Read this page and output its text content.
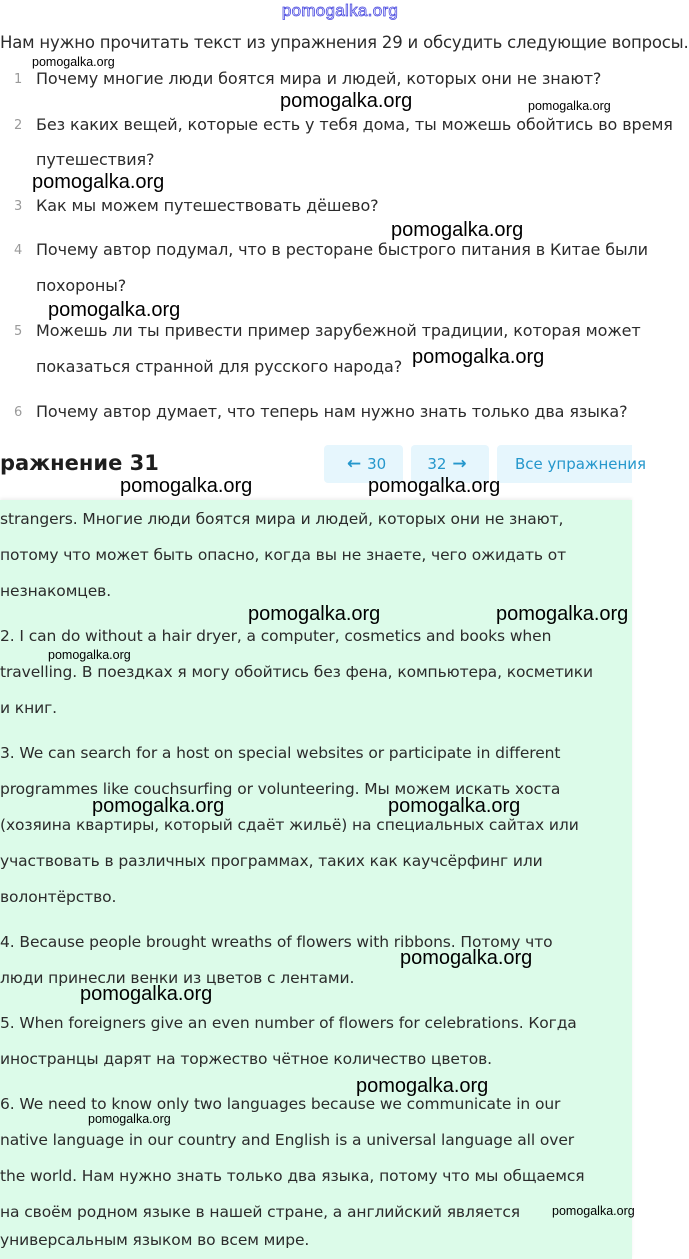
pomogalka.org
Нам нужно прочитать текст из упражнения 29 и обсудить следующие вопросы.
1 Почему многие люди боятся мира и людей, которых они не знают?
2 Без каких вещей, которые есть у тебя дома, ты можешь обойтись во время
путешествия?
3 Как мы можем путешествовать дёшево?
4 Почему автор подумал, что в ресторане быстрого питания в Китае были
похороны?
5 Можешь ли ты привести пример зарубежной традиции, которая может
показаться странной для русского народа?
6 Почему автор думает, что теперь нам нужно знать только два языка?
ражнение 31	← 30	32 →	Все упражнения
strangers. Многие люди боятся мира и людей, которых они не знают,
потому что может быть опасно, когда вы не знаете, чего ожидать от
незнакомцев.
2. I can do without a hair dryer, a computer, cosmetics and books when
travelling. В поездках я могу обойтись без фена, компьютера, косметики
и книг.
3. We can search for a host on special websites or participate in different
programmes like couchsurfing or volunteering. Мы можем искать хоста
(хозяина квартиры, который сдаёт жильё) на специальных сайтах или
участвовать в различных программах, таких как каучсёрфинг или
волонтёрство.
4. Because people brought wreaths of flowers with ribbons. Потому что
люди принесли венки из цветов с лентами.
5. When foreigners give an even number of flowers for celebrations. Когда
иностранцы дарят на торжество чётное количество цветов.
6. We need to know only two languages because we communicate in our
native language in our country and English is a universal language all over
the world. Нам нужно знать только два языка, потому что мы общаемся
на своём родном языке в нашей стране, а английский является
универсальным языком во всем мире.
pomogalka.org
pomogalka.org	pomogalka.org
pomogalka.org
pomogalka.org
pomogalka.org
pomogalka.org
pomogalka.org	pomogalka.org
pomogalka.org	pomogalka.org
pomogalka.org
pomogalka.org	pomogalka.org
pomogalka.org
pomogalka.org
pomogalka.org
pomogalka.org
pomogalka.org
